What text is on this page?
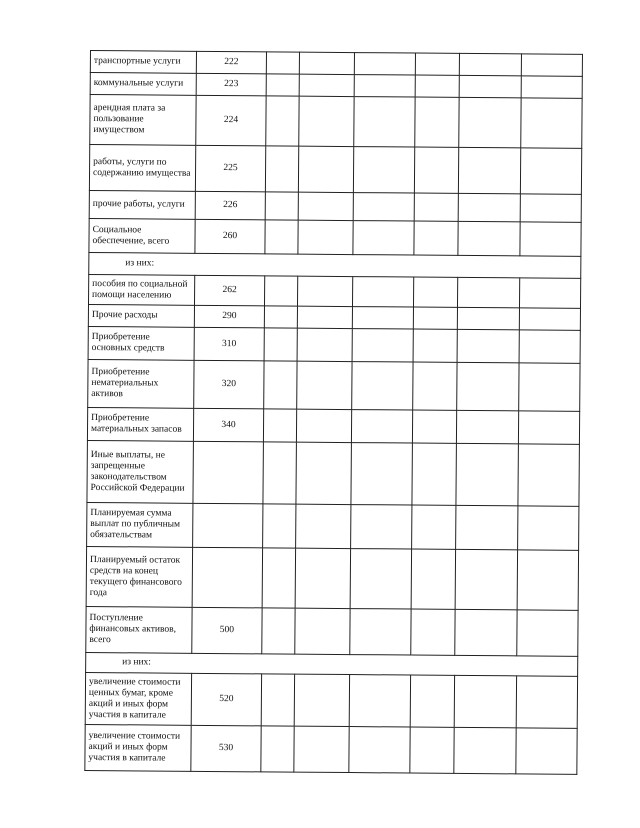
транспортные услуги	222						
коммунальные услуги	223						
арендная плата за пользование имуществом	224						
работы, услуги по содержанию имущества	225						
прочие работы, услуги	226						
Социальное обеспечение, всего	260						
из них:							
пособия по социальной помощи населению	262						
Прочие расходы	290						
Приобретение основных средств	310						
Приобретение нематериальных активов	320						
Приобретение материальных запасов	340						
Иные выплаты, не запрещенные законодательством Российской Федерации							
Планируемая сумма выплат по публичным обязательствам							
Планируемый остаток средств на конец текущего финансового года							
Поступление финансовых активов, всего	500						
из них:							
увеличение стоимости ценных бумаг, кроме акций и иных форм участия в капитале	520						
увеличение стоимости акций и иных форм участия в капитале	530						
